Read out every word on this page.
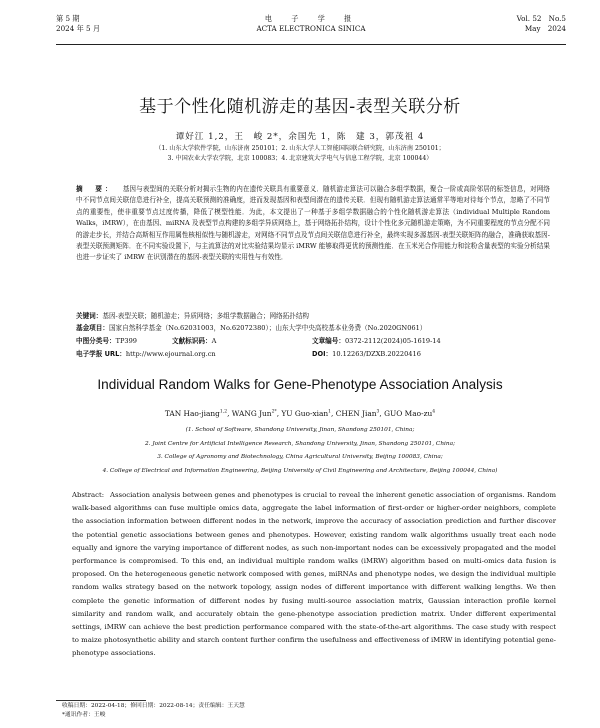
第 5 期
2024 年 5 月
电　子　学　报
ACTA ELECTRONICA SINICA
Vol. 52　No.5
May　2024
基于个性化随机游走的基因-表型关联分析
谭好江 1,2，王　峻 2*，余国先 1，陈　建 3，郭茂祖 4
（1. 山东大学软件学院，山东济南 250101；2. 山东大学人工智能国际联合研究院，山东济南 250101；
3. 中国农业大学农学院，北京 100083；4. 北京建筑大学电气与信息工程学院，北京 100044）
摘　要： 基因与表型间的关联分析对揭示生物的内在遗传关联具有重要意义．随机游走算法可以融合多组学数据，聚合一阶或高阶邻居的标签信息，对网络中不同节点间关联信息进行补全，提高关联预测的准确度，进而发现基因和表型间潜在的遗传关联．但现有随机游走算法通常平等地对待每个节点，忽略了不同节点的重要性，使非重要节点过度传播，降低了模型性能．为此，本文提出了一种基于多组学数据融合的个性化随机游走算法（individual Multiple Random Walks，iMRW），在由基因、miRNA 及表型节点构建的多组学异质网络上，基于网络拓扑结构，设计个性化多元随机游走策略，为不同重要程度的节点分配不同的游走步长，并结合高斯相互作用属性核相似性与随机游走，对网络不同节点及节点间关联信息进行补全，最终实现多源基因-表型关联矩阵的融合，准确获取基因-表型关联预测矩阵．在不同实验设置下，与主流算法的对比实验结果均显示 iMRW 能够取得更优的预测性能．在玉米光合作用能力和淀粉含量表型的实验分析结果也进一步证实了 iMRW 在识别潜在的基因-表型关联的实用性与有效性．
关键词：基因-表型关联；随机游走；异质网络；多组学数据融合；网络拓扑结构
基金项目：国家自然科学基金（No.62031003，No.62072380）；山东大学中央高校基本业务费（No.2020GN061）
中图分类号：TP399	文献标识码：A	文章编号：0372-2112(2024)05-1619-14
电子学报 URL：http://www.ejournal.org.cn	DOI：10.12263/DZXB.20220416
Individual Random Walks for Gene-Phenotype Association Analysis
TAN Hao-jiang$^{1,2}$, WANG Jun$^{2*}$, YU Guo-xian$^1$, CHEN Jian$^3$, GUO Mao-$zu^4$
(1. School of Software, Shandong University, Jinan, Shandong 250101, China;
2. Joint Centre for Artificial Intelligence Research, Shandong University, Jinan, Shandong 250101, China;
3. College of Agronomy and Biotechnology, China Agricultural University, Beijing 100083, China;
4. College of Electrical and Information Engineering, Beijing University of Civil Engineering and Architecture, Beijing 100044, China)
Abstract: Association analysis between genes and phenotypes is crucial to reveal the inherent genetic association of organisms. Random walk-based algorithms can fuse multiple omics data, aggregate the label information of first-order or higher-order neighbors, complete the association information between different nodes in the network, improve the accuracy of association prediction and further discover the potential genetic associations between genes and phenotypes. However, existing random walk algorithms usually treat each node equally and ignore the varying importance of different nodes, as such non-important nodes can be excessively propagated and the model performance is compromised. To this end, an individual multiple random walks (iMRW) algorithm based on multi-omics data fusion is proposed. On the heterogeneous genetic network composed with genes, miRNAs and phenotype nodes, we design the individual multiple random walks strategy based on the network topology, assign nodes of different importance with different walking lengths. We then complete the genetic information of different nodes by fusing multi-source association matrix, Gaussian interaction profile kernel similarity and random walk, and accurately obtain the gene-phenotype association prediction matrix. Under different experimental settings, iMRW can achieve the best prediction performance compared with the state-of-the-art algorithms. The case study with respect to maize photosynthetic ability and starch content further confirm the usefulness and effectiveness of iMRW in identifying potential gene-phenotype associations.
收稿日期：2022-04-18；修回日期：2022-08-14；责任编辑：王天慧
*通讯作者：王峻
